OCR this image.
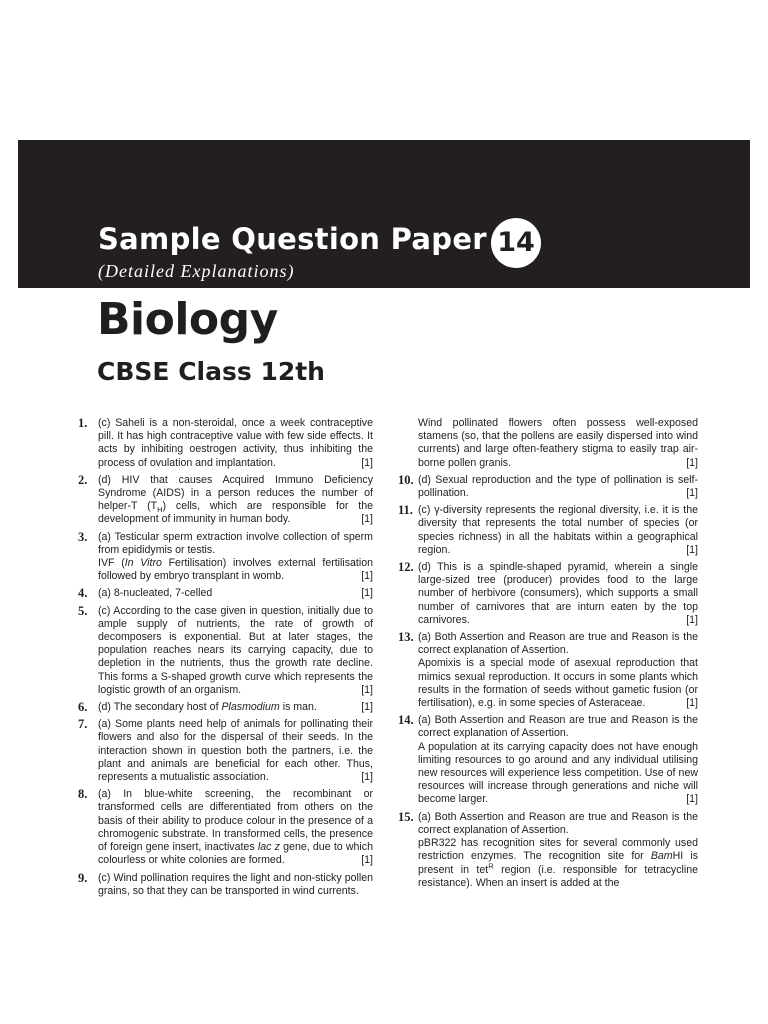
Sample Question Paper 14
(Detailed Explanations)
Biology
CBSE Class 12th
1. (c) Saheli is a non-steroidal, once a week contraceptive pill. It has high contraceptive value with few side effects. It acts by inhibiting oestrogen activity, thus inhibiting the process of ovulation and implantation.	[1]
2. (d) HIV that causes Acquired Immuno Deficiency Syndrome (AIDS) in a person reduces the number of helper-T $(T_H)$ cells, which are responsible for the development of immunity in human body.	[1]
3. (a) Testicular sperm extraction involve collection of sperm from epididymis or testis.
IVF (In Vitro Fertilisation) involves external fertilisation followed by embryo transplant in womb.	[1]
4. (a) 8-nucleated, 7-celled	[1]
5. (c) According to the case given in question, initially due to ample supply of nutrients, the rate of growth of decomposers is exponential. But at later stages, the population reaches nears its carrying capacity, due to depletion in the nutrients, thus the growth rate decline. This forms a S-shaped growth curve which represents the logistic growth of an organism.	[1]
6. (d) The secondary host of Plasmodium is man.	[1]
7. (a) Some plants need help of animals for pollinating their flowers and also for the dispersal of their seeds. In the interaction shown in question both the partners, i.e. the plant and animals are beneficial for each other. Thus, represents a mutualistic association.	[1]
8. (a) In blue-white screening, the recombinant or transformed cells are differentiated from others on the basis of their ability to produce colour in the presence of a chromogenic substrate. In transformed cells, the presence of foreign gene insert, inactivates lac z gene, due to which colourless or white colonies are formed.	[1]
9. (c) Wind pollination requires the light and non-sticky pollen grains, so that they can be transported in wind currents.
Wind pollinated flowers often possess well-exposed stamens (so, that the pollens are easily dispersed into wind currents) and large often-feathery stigma to easily trap air-borne pollen granis.	[1]
10. (d) Sexual reproduction and the type of pollination is self-pollination.	[1]
11. (c) γ-diversity represents the regional diversity, i.e. it is the diversity that represents the total number of species (or species richness) in all the habitats within a geographical region.	[1]
12. (d) This is a spindle-shaped pyramid, wherein a single large-sized tree (producer) provides food to the large number of herbivore (consumers), which supports a small number of carnivores that are inturn eaten by the top carnivores.	[1]
13. (a) Both Assertion and Reason are true and Reason is the correct explanation of Assertion.
Apomixis is a special mode of asexual reproduction that mimics sexual reproduction. It occurs in some plants which results in the formation of seeds without gametic fusion (or fertilisation), e.g. in some species of Asteraceae.	[1]
14. (a) Both Assertion and Reason are true and Reason is the correct explanation of Assertion.
A population at its carrying capacity does not have enough limiting resources to go around and any individual utilising new resources will experience less competition. Use of new resources will increase through generations and niche will become larger.	[1]
15. (a) Both Assertion and Reason are true and Reason is the correct explanation of Assertion.
pBR322 has recognition sites for several commonly used restriction enzymes. The recognition site for BamHI is present in tet$^R$ region (i.e. responsible for tetracycline resistance). When an insert is added at the
